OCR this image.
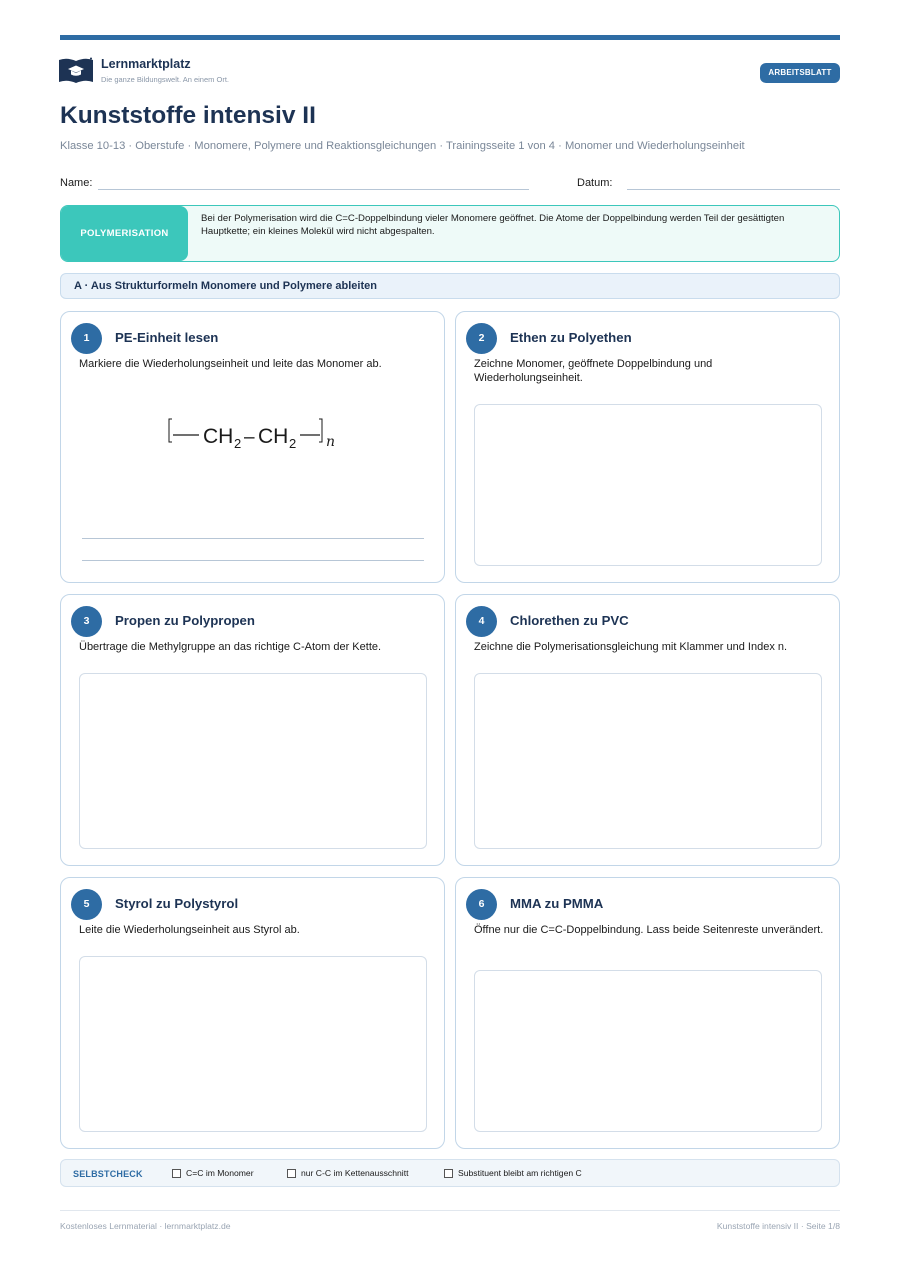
Lernmarktplatz
Die ganze Bildungswelt. An einem Ort.
ARBEITSBLATT
Kunststoffe intensiv II
Klasse 10-13 · Oberstufe · Monomere, Polymere und Reaktionsgleichungen · Trainingsseite 1 von 4 · Monomer und Wiederholungseinheit
Name:	Datum:
POLYMERISATION
Bei der Polymerisation wird die C=C-Doppelbindung vieler Monomere geöffnet. Die Atome der Doppelbindung werden Teil der gesättigten Hauptkette; ein kleines Molekül wird nicht abgespalten.
A · Aus Strukturformeln Monomere und Polymere ableiten
1	PE-Einheit lesen
Markiere die Wiederholungseinheit und leite das Monomer ab.
CH 2 – CH 2 n
2	Ethen zu Polyethen
Zeichne Monomer, geöffnete Doppelbindung und Wiederholungseinheit.
3	Propen zu Polypropen
Übertrage die Methylgruppe an das richtige C-Atom der Kette.
4	Chlorethen zu PVC
Zeichne die Polymerisationsgleichung mit Klammer und Index n.
5	Styrol zu Polystyrol
Leite die Wiederholungseinheit aus Styrol ab.
6	MMA zu PMMA
Öffne nur die C=C-Doppelbindung. Lass beide Seitenreste unverändert.
SELBSTCHECK	C=C im Monomer	nur C-C im Kettenausschnitt	Substituent bleibt am richtigen C
Kostenloses Lernmaterial · lernmarktplatz.de	Kunststoffe intensiv II · Seite 1/8
